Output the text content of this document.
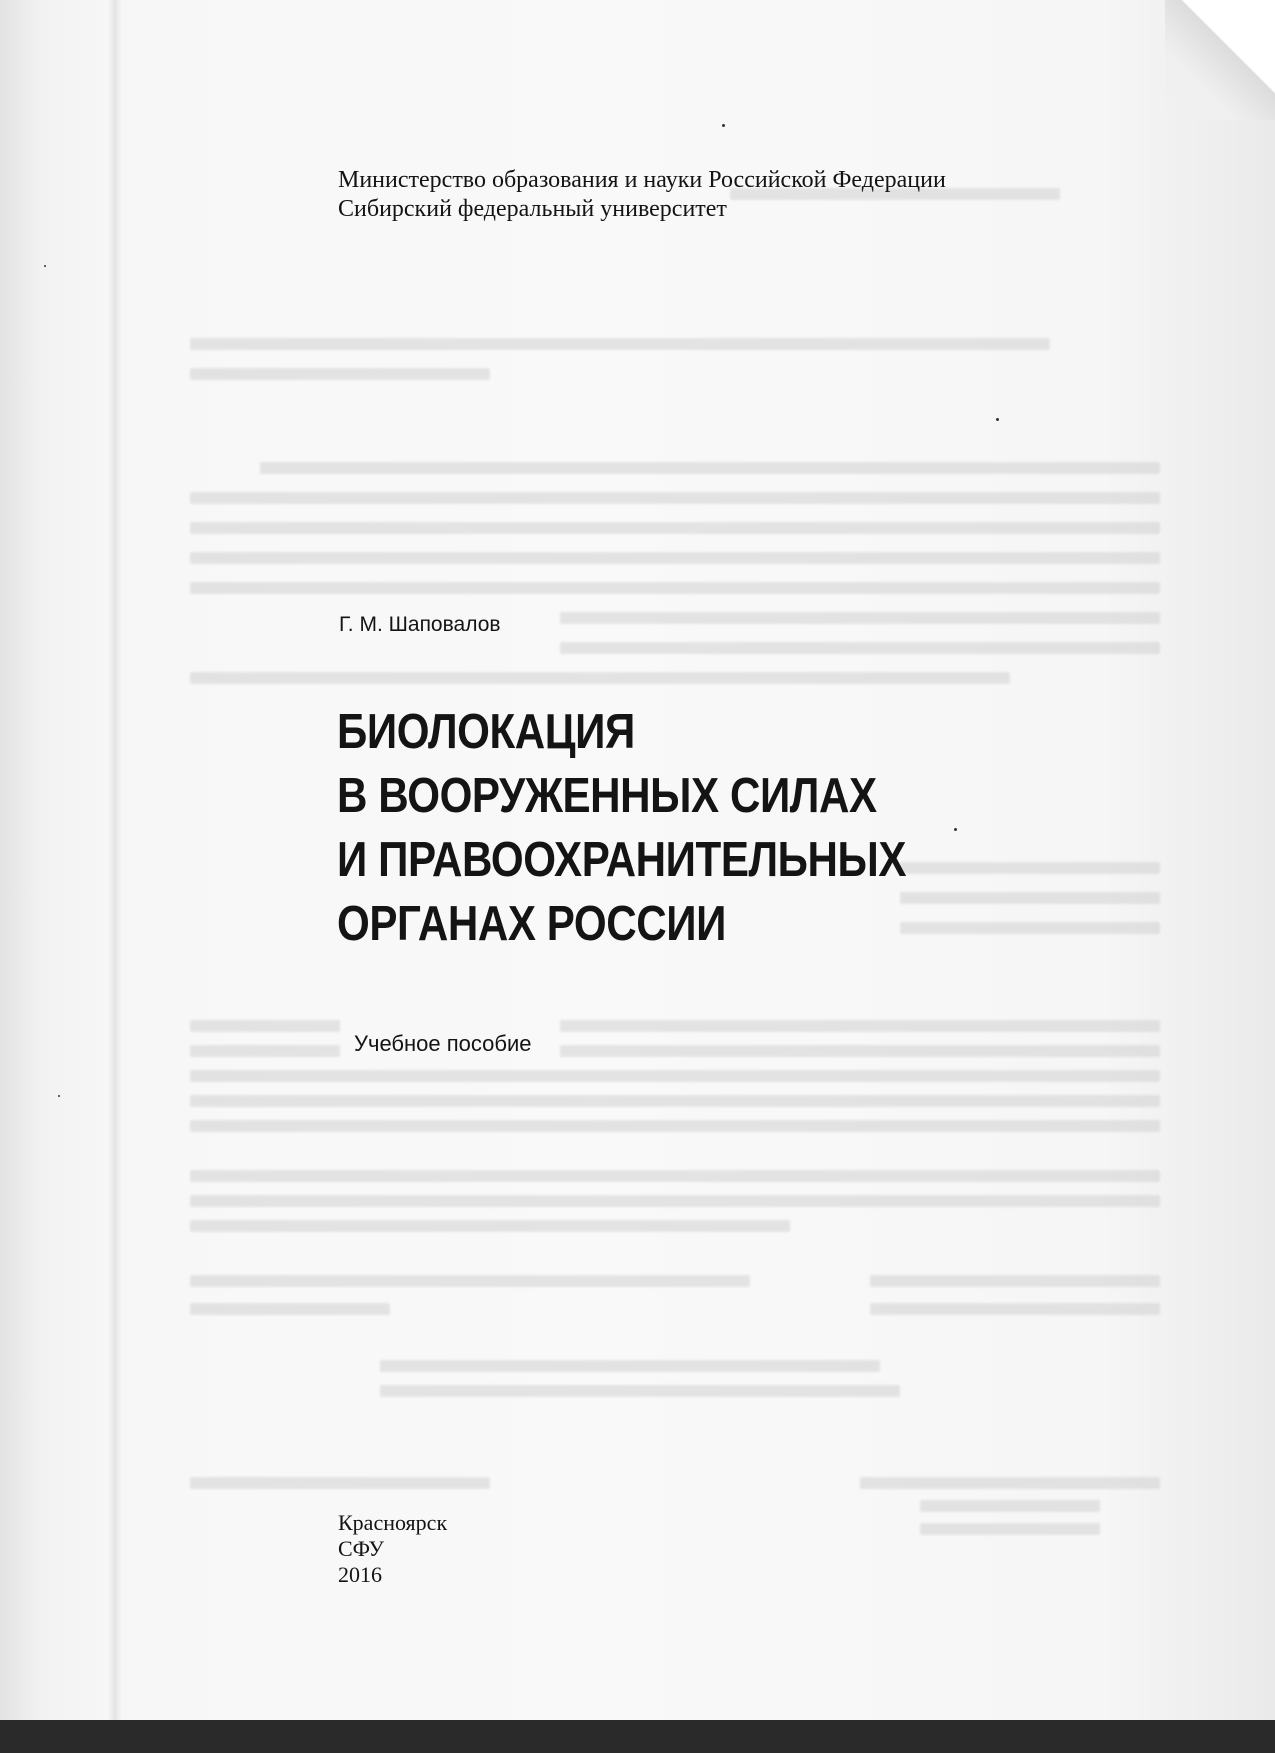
Министерство образования и науки Российской Федерации
Сибирский федеральный университет
Г. М. Шаповалов
БИОЛОКАЦИЯ
В ВООРУЖЕННЫХ СИЛАХ
И ПРАВООХРАНИТЕЛЬНЫХ
ОРГАНАХ РОССИИ
Учебное пособие
Красноярск
СФУ
2016
